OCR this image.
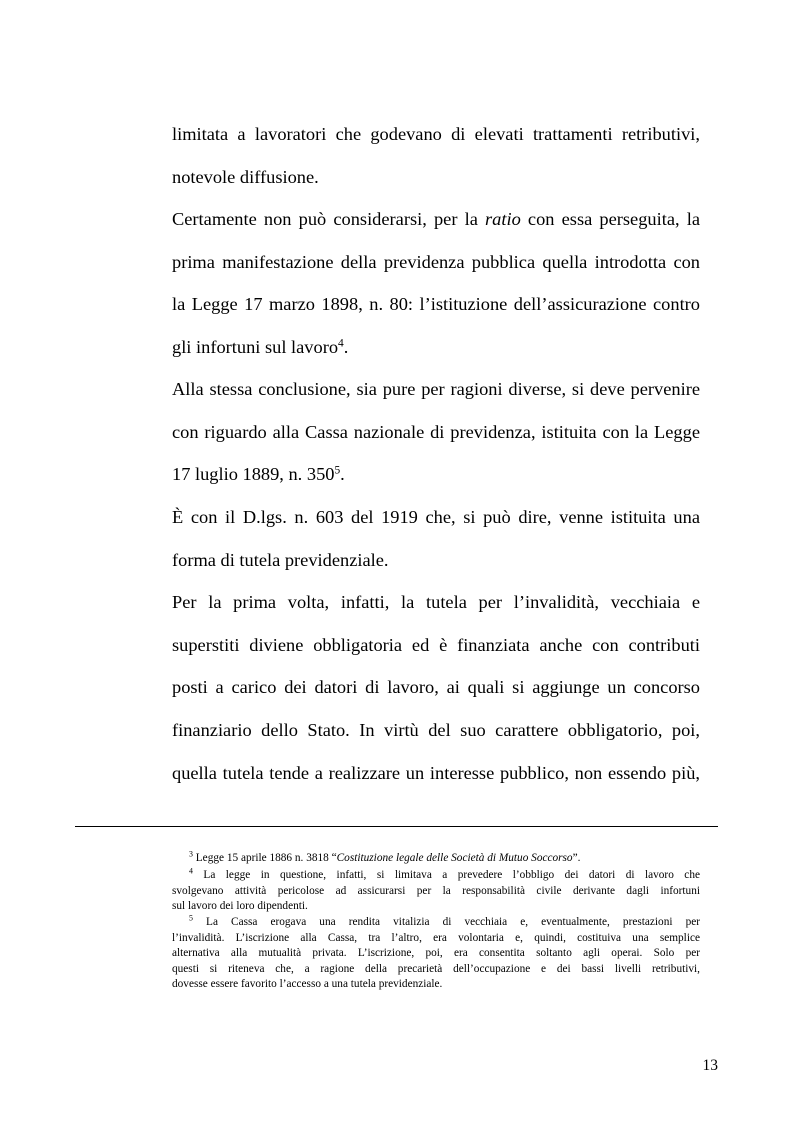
limitata a lavoratori che godevano di elevati trattamenti retributivi,
notevole diffusione.
Certamente non può considerarsi, per la ratio con essa perseguita, la
prima manifestazione della previdenza pubblica quella introdotta con
la Legge 17 marzo 1898, n. 80: l’istituzione dell’assicurazione contro
gli infortuni sul lavoro$^4$.
Alla stessa conclusione, sia pure per ragioni diverse, si deve pervenire
con riguardo alla Cassa nazionale di previdenza, istituita con la Legge
17 luglio 1889, n. $350^5$.
È con il D.lgs. n. 603 del 1919 che, si può dire, venne istituita una
forma di tutela previdenziale.
Per la prima volta, infatti, la tutela per l’invalidità, vecchiaia e
superstiti diviene obbligatoria ed è finanziata anche con contributi
posti a carico dei datori di lavoro, ai quali si aggiunge un concorso
finanziario dello Stato. In virtù del suo carattere obbligatorio, poi,
quella tutela tende a realizzare un interesse pubblico, non essendo più,
$^3$ Legge 15 aprile 1886 n. 3818 “Costituzione legale delle Società di Mutuo Soccorso”.
$^4$ La legge in questione, infatti, si limitava a prevedere l’obbligo dei datori di lavoro che
svolgevano attività pericolose ad assicurarsi per la responsabilità civile derivante dagli infortuni
sul lavoro dei loro dipendenti.
$^5$ La Cassa erogava una rendita vitalizia di vecchiaia e, eventualmente, prestazioni per
l’invalidità. L’iscrizione alla Cassa, tra l’altro, era volontaria e, quindi, costituiva una semplice
alternativa alla mutualità privata. L’iscrizione, poi, era consentita soltanto agli operai. Solo per
questi si riteneva che, a ragione della precarietà dell’occupazione e dei bassi livelli retributivi,
dovesse essere favorito l’accesso a una tutela previdenziale.
13
